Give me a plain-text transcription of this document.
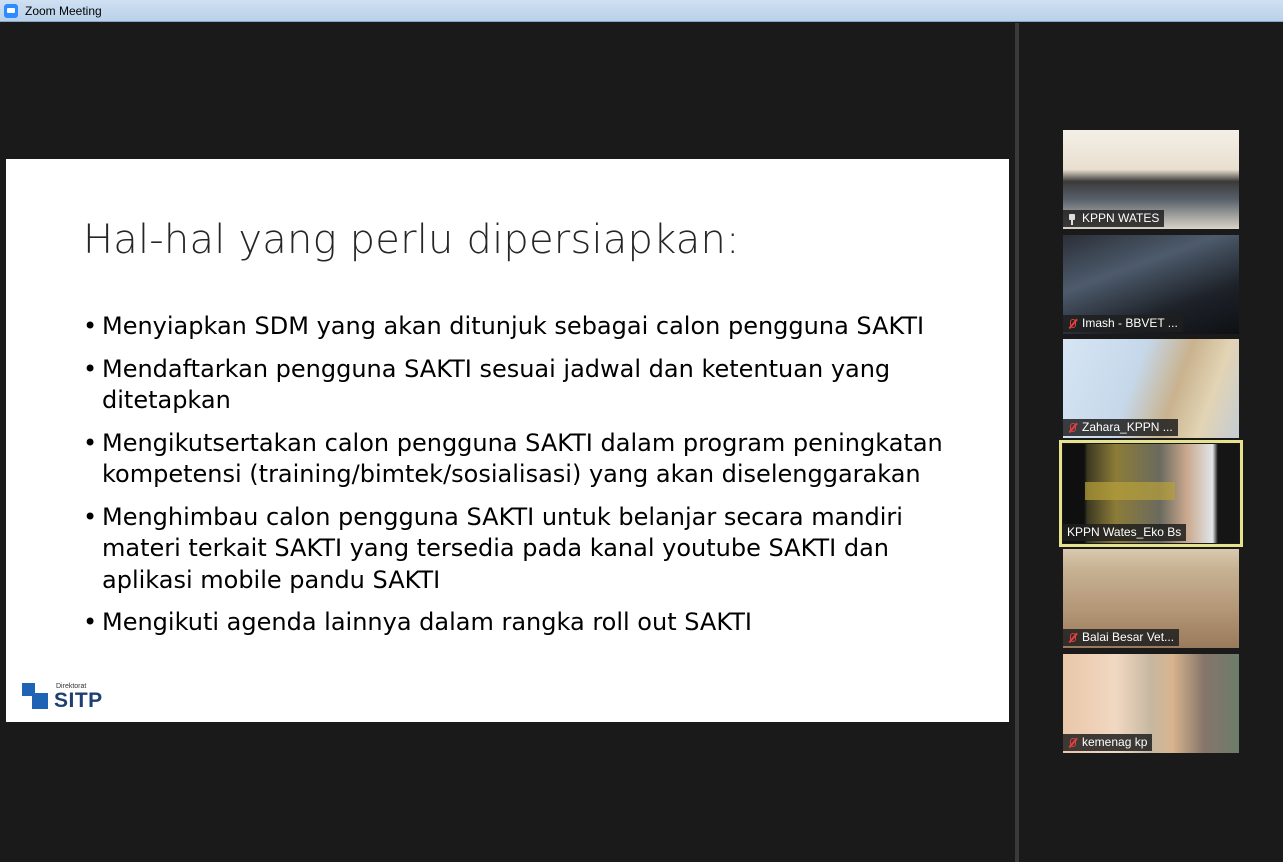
Zoom Meeting
Hal-hal yang perlu dipersiapkan:
• Menyiapkan SDM yang akan ditunjuk sebagai calon pengguna SAKTI
• Mendaftarkan pengguna SAKTI sesuai jadwal dan ketentuan yang ditetapkan
• Mengikutsertakan calon pengguna SAKTI dalam program peningkatan kompetensi (training/bimtek/sosialisasi) yang akan diselenggarakan
• Menghimbau calon pengguna SAKTI untuk belanjar secara mandiri materi terkait SAKTI yang tersedia pada kanal youtube SAKTI dan aplikasi mobile pandu SAKTI
• Mengikuti agenda lainnya dalam rangka roll out SAKTI
Direktorat
SITP
KPPN WATES
Imash - BBVET ...
Zahara_KPPN ...
KPPN Wates_Eko Bs
Balai Besar Vet...
kemenag kp
